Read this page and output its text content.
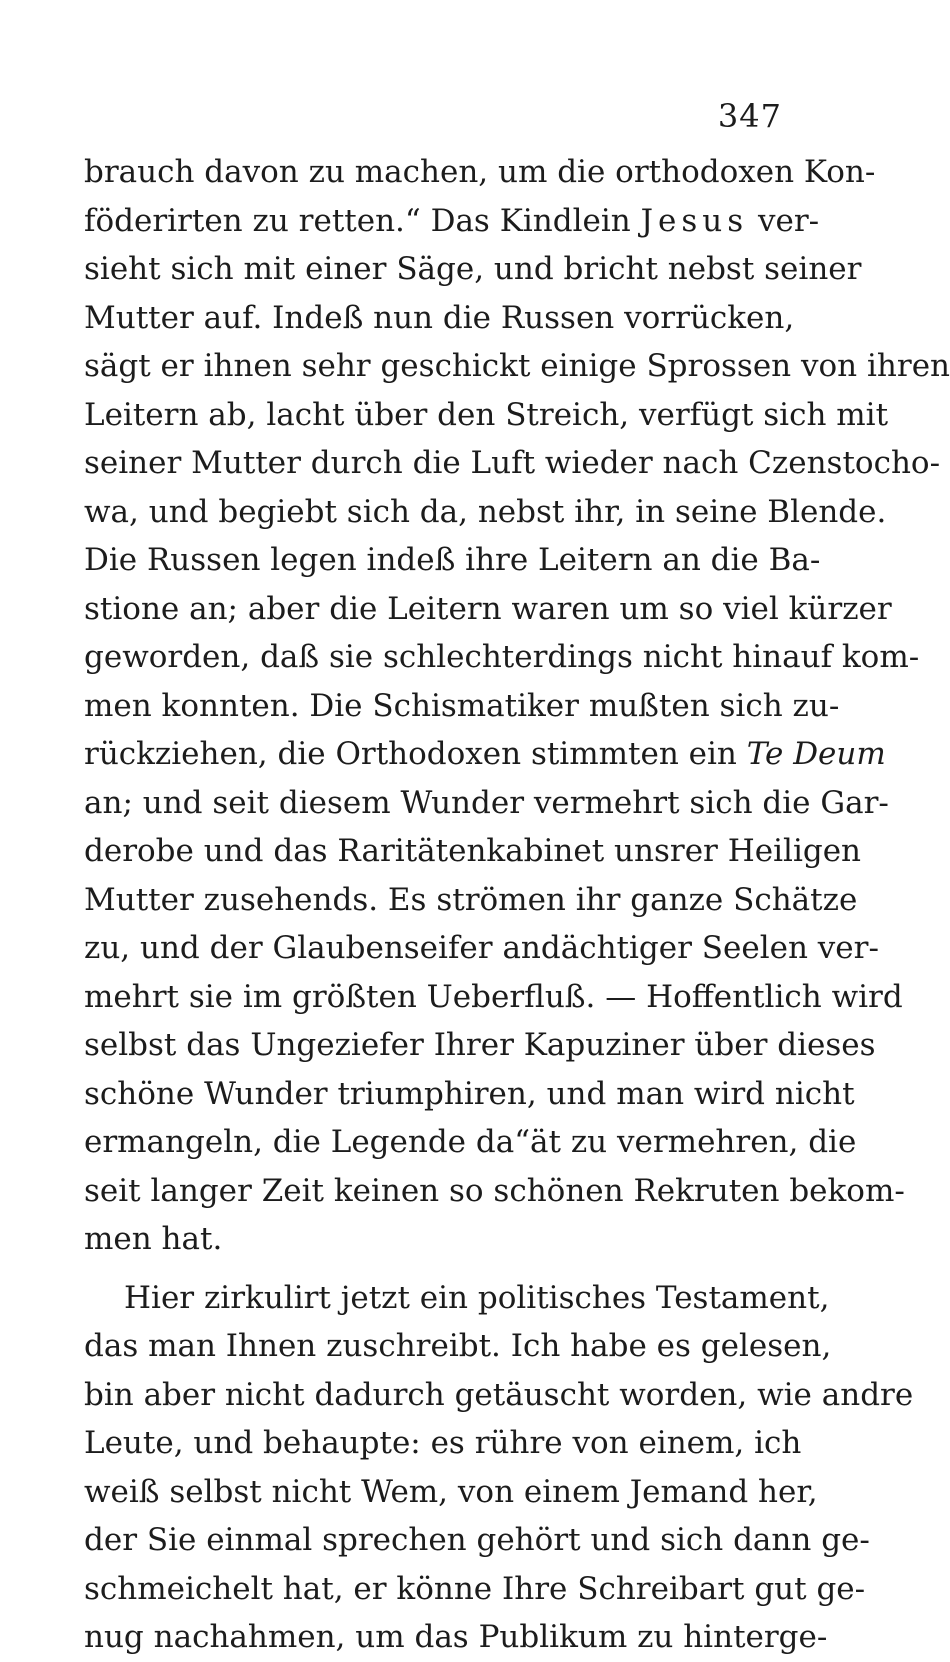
347
brauch davon zu machen, um die orthodoxen Kon-
föderirten zu retten.“ Das Kindlein Jesus ver-
sieht sich mit einer Säge, und bricht nebst seiner
Mutter auf. Indeß nun die Russen vorrücken,
sägt er ihnen sehr geschickt einige Sprossen von ihren
Leitern ab, lacht über den Streich, verfügt sich mit
seiner Mutter durch die Luft wieder nach Czenstocho-
wa, und begiebt sich da, nebst ihr, in seine Blende.
Die Russen legen indeß ihre Leitern an die Ba-
stione an; aber die Leitern waren um so viel kürzer
geworden, daß sie schlechterdings nicht hinauf kom-
men konnten. Die Schismatiker mußten sich zu-
rückziehen, die Orthodoxen stimmten ein Te Deum
an; und seit diesem Wunder vermehrt sich die Gar-
derobe und das Raritätenkabinet unsrer Heiligen
Mutter zusehends. Es strömen ihr ganze Schätze
zu, und der Glaubenseifer andächtiger Seelen ver-
mehrt sie im größten Ueberfluß. — Hoffentlich wird
selbst das Ungeziefer Ihrer Kapuziner über dieses
schöne Wunder triumphiren, und man wird nicht
ermangeln, die Legende da“ät zu vermehren, die
seit langer Zeit keinen so schönen Rekruten bekom-
men hat.
Hier zirkulirt jetzt ein politisches Testament,
das man Ihnen zuschreibt. Ich habe es gelesen,
bin aber nicht dadurch getäuscht worden, wie andre
Leute, und behaupte: es rühre von einem, ich
weiß selbst nicht Wem, von einem Jemand her,
der Sie einmal sprechen gehört und sich dann ge-
schmeichelt hat, er könne Ihre Schreibart gut ge-
nug nachahmen, um das Publikum zu hinterge-
